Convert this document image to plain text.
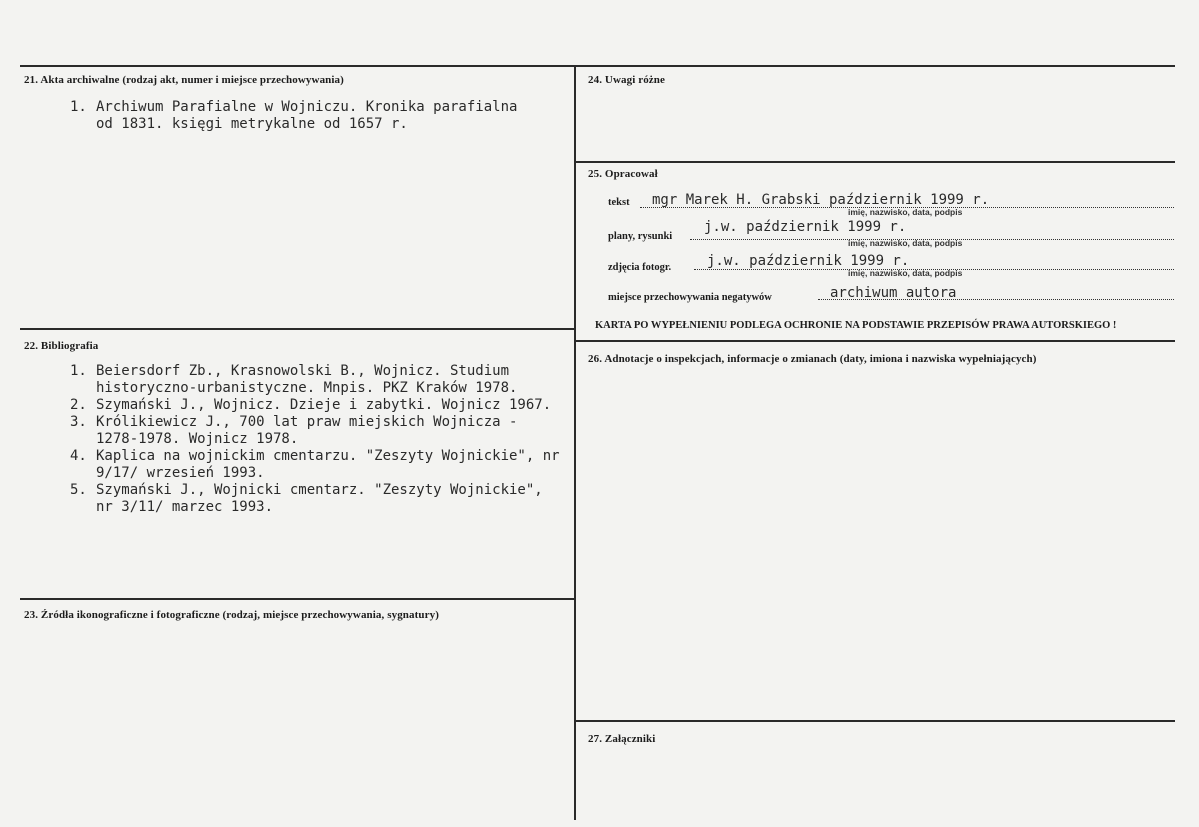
21. Akta archiwalne (rodzaj akt, numer i miejsce przechowywania)
1. Archiwum Parafialne w Wojniczu. Kronika parafialna od 1831. księgi metrykalne od 1657 r.
22. Bibliografia
1. Beiersdorf Zb., Krasnowolski B., Wojnicz. Studium historyczno-urbanistyczne. Mnpis. PKZ Kraków 1978.
2. Szymański J., Wojnicz. Dzieje i zabytki. Wojnicz 1967.
3. Królikiewicz J., 700 lat praw miejskich Wojnicza - 1278-1978. Wojnicz 1978.
4. Kaplica na wojnickim cmentarzu. "Zeszyty Wojnickie", nr 9/17/ wrzesień 1993.
5. Szymański J., Wojnicki cmentarz. "Zeszyty Wojnickie", nr 3/11/ marzec 1993.
23. Źródła ikonograficzne i fotograficzne (rodzaj, miejsce przechowywania, sygnatury)
24. Uwagi różne
25. Opracował
tekst mgr Marek H. Grabski październik 1999 r.
imię, nazwisko, data, podpis
plany, rysunki
j.w. październik 1999 r.
imię, nazwisko, data, podpis
zdjęcia fotogr.	j.w. październik 1999 r.
imię, nazwisko, data, podpis
miejsce przechowywania negatywów	archiwum autora
KARTA PO WYPEŁNIENIU PODLEGA OCHRONIE NA PODSTAWIE PRZEPISÓW PRAWA AUTORSKIEGO !
26. Adnotacje o inspekcjach, informacje o zmianach (daty, imiona i nazwiska wypełniających)
27. Załączniki
